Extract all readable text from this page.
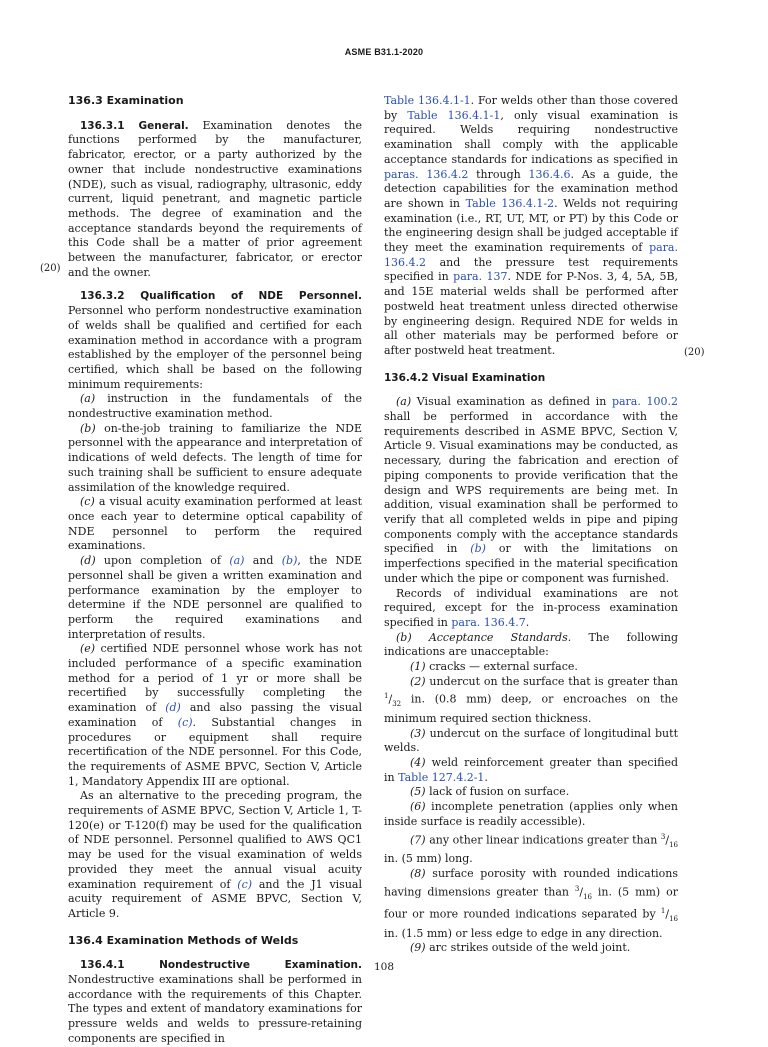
ASME B31.1-2020
(20)
(20)
136.3 Examination

136.3.1 General. Examination denotes the functions performed by the manufacturer, fabricator, erector, or a party authorized by the owner that include nondestructive examinations (NDE), such as visual, radiography, ultrasonic, eddy current, liquid penetrant, and magnetic particle methods. The degree of examination and the acceptance standards beyond the requirements of this Code shall be a matter of prior agreement between the manufacturer, fabricator, or erector and the owner.

136.3.2 Qualification of NDE Personnel. Personnel who perform nondestructive examination of welds shall be qualified and certified for each examination method in accordance with a program established by the employer of the personnel being certified, which shall be based on the following minimum requirements:

(a) instruction in the fundamentals of the nondestructive examination method.

(b) on-the-job training to familiarize the NDE personnel with the appearance and interpretation of indications of weld defects. The length of time for such training shall be sufficient to ensure adequate assimilation of the knowledge required.

(c) a visual acuity examination performed at least once each year to determine optical capability of NDE personnel to perform the required examinations.

(d) upon completion of (a) and (b), the NDE personnel shall be given a written examination and performance examination by the employer to determine if the NDE personnel are qualified to perform the required examinations and interpretation of results.

(e) certified NDE personnel whose work has not included performance of a specific examination method for a period of 1 yr or more shall be recertified by successfully completing the examination of (d) and also passing the visual examination of (c). Substantial changes in procedures or equipment shall require recertification of the NDE personnel. For this Code, the requirements of ASME BPVC, Section V, Article 1, Mandatory Appendix III are optional.

As an alternative to the preceding program, the requirements of ASME BPVC, Section V, Article 1, T-120(e) or T-120(f) may be used for the qualification of NDE personnel. Personnel qualified to AWS QC1 may be used for the visual examination of welds provided they meet the annual visual acuity examination requirement of (c) and the J1 visual acuity requirement of ASME BPVC, Section V, Article 9.

136.4 Examination Methods of Welds

136.4.1 Nondestructive Examination. Nondestructive examinations shall be performed in accordance with the requirements of this Chapter. The types and extent of mandatory examinations for pressure welds and welds to pressure-retaining components are specified in

Table 136.4.1-1. For welds other than those covered by Table 136.4.1-1, only visual examination is required. Welds requiring nondestructive examination shall comply with the applicable acceptance standards for indications as specified in paras. 136.4.2 through 136.4.6. As a guide, the detection capabilities for the examination method are shown in Table 136.4.1-2. Welds not requiring examination (i.e., RT, UT, MT, or PT) by this Code or the engineering design shall be judged acceptable if they meet the examination requirements of para. 136.4.2 and the pressure test requirements specified in para. 137. NDE for P-Nos. 3, 4, 5A, 5B, and 15E material welds shall be performed after postweld heat treatment unless directed otherwise by engineering design. Required NDE for welds in all other materials may be performed before or after postweld heat treatment.

136.4.2 Visual Examination

(a) Visual examination as defined in para. 100.2 shall be performed in accordance with the requirements described in ASME BPVC, Section V, Article 9. Visual examinations may be conducted, as necessary, during the fabrication and erection of piping components to provide verification that the design and WPS requirements are being met. In addition, visual examination shall be performed to verify that all completed welds in pipe and piping components comply with the acceptance standards specified in (b) or with the limitations on imperfections specified in the material specification under which the pipe or component was furnished.

Records of individual examinations are not required, except for the in-process examination specified in para. 136.4.7.

(b) Acceptance Standards. The following indications are unacceptable:

(1) cracks — external surface.

(2) undercut on the surface that is greater than $^1/_{32}$ in. (0.8 mm) deep, or encroaches on the minimum required section thickness.

(3) undercut on the surface of longitudinal butt welds.

(4) weld reinforcement greater than specified in Table 127.4.2-1.

(5) lack of fusion on surface.

(6) incomplete penetration (applies only when inside surface is readily accessible).

(7) any other linear indications greater than $^3/_{16}$ in. (5 mm) long.

(8) surface porosity with rounded indications having dimensions greater than $^3/_{16}$ in. (5 mm) or four or more rounded indications separated by $^1/_{16}$ in. (1.5 mm) or less edge to edge in any direction.

(9) arc strikes outside of the weld joint.

108
